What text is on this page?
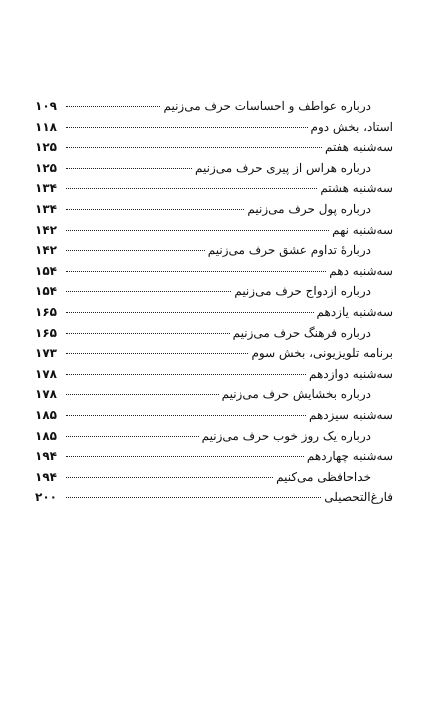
درباره عواطف و احساسات حرف می‌زنیم
۱۰۹
استاد، بخش دوم
۱۱۸
سه‌شنبه هفتم
۱۲۵
درباره هراس از پیری حرف می‌زنیم
۱۲۵
سه‌شنبه هشتم
۱۳۴
درباره پول حرف می‌زنیم
۱۳۴
سه‌شنبه نهم
۱۴۲
دربارهٔ تداوم عشق حرف می‌زنیم
۱۴۲
سه‌شنبه دهم
۱۵۴
درباره ازدواج حرف می‌زنیم
۱۵۴
سه‌شنبه یازدهم
۱۶۵
درباره فرهنگ حرف می‌زنیم
۱۶۵
برنامه تلویزیونی، بخش سوم
۱۷۳
سه‌شنبه دوازدهم
۱۷۸
درباره بخشایش حرف می‌زنیم
۱۷۸
سه‌شنبه سیزدهم
۱۸۵
درباره یک روز خوب حرف می‌زنیم
۱۸۵
سه‌شنبه چهاردهم
۱۹۴
خداحافظی می‌کنیم
۱۹۴
فارغ‌التحصیلی
۲۰۰
